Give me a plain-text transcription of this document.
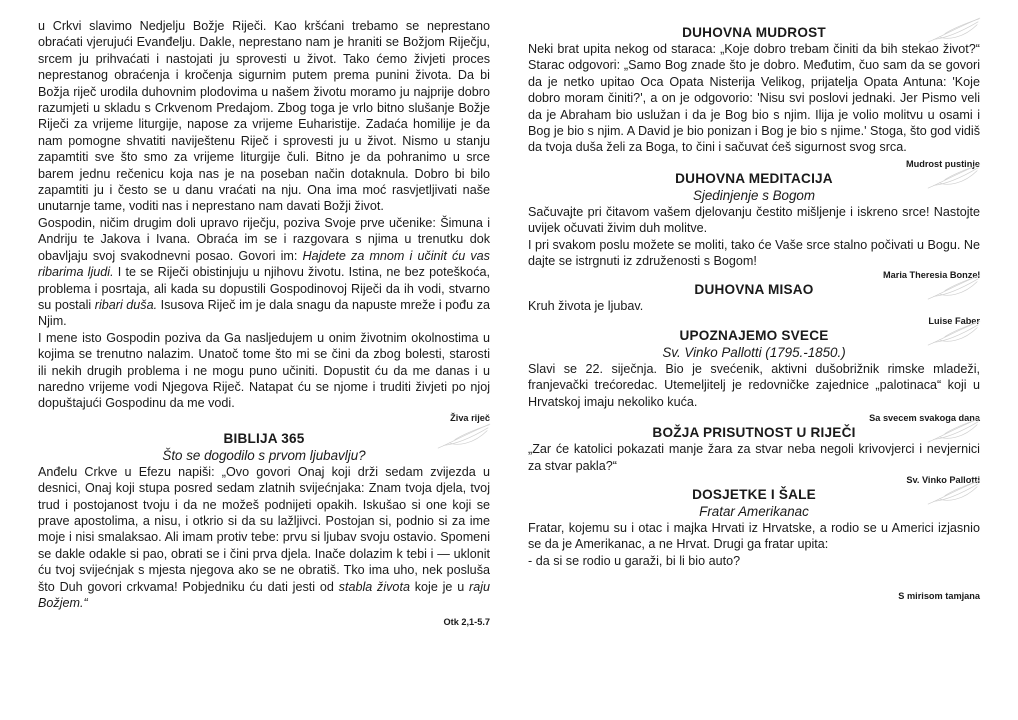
u Crkvi slavimo Nedjelju Božje Riječi. Kao kršćani trebamo se neprestano obraćati vjerujući Evanđelju. Dakle, neprestano nam je hraniti se Božjom Riječju, srcem ju prihvaćati i nastojati ju sprovesti u život. Tako ćemo živjeti proces neprestanog obraćenja i kročenja sigurnim putem prema punini života. Da bi Božja riječ urodila duhovnim plodovima u našem životu moramo ju najprije dobro razumjeti u skladu s Crkvenom Predajom. Zbog toga je vrlo bitno slušanje Božje Riječi za vrijeme liturgije, napose za vrijeme Euharistije. Zadaća homilije je da nam pomogne shvatiti naviještenu Riječ i sprovesti ju u život. Nismo u stanju zapamtiti sve što smo za vrijeme liturgije čuli. Bitno je da pohranimo u srce barem jednu rečenicu koja nas je na poseban način dotaknula. Dobro bi bilo zapamtiti ju i često se u danu vraćati na nju. Ona ima moć rasvjetljivati naše unutarnje tame, voditi nas i neprestano nam davati Božji život.

Gospodin, ničim drugim doli upravo riječju, poziva Svoje prve učenike: Šimuna i Andriju te Jakova i Ivana. Obraća im se i razgovara s njima u trenutku dok obavljaju svoj svakodnevni posao. Govori im: Hajdete za mnom i učinit ću vas ribarima ljudi. I te se Riječi obistinjuju u njihovu životu. Istina, ne bez poteškoća, problema i posrtaja, ali kada su dopustili Gospodinovoj Riječi da ih vodi, stvarno su postali ribari duša. Isusova Riječ im je dala snagu da napuste mreže i pođu za Njim.

I mene isto Gospodin poziva da Ga nasljedujem u onim životnim okolnostima u kojima se trenutno nalazim. Unatoč tome što mi se čini da zbog bolesti, starosti ili nekih drugih problema i ne mogu puno učiniti. Dopustit ću da me danas i u naredno vrijeme vodi Njegova Riječ. Natapat ću se njome i truditi živjeti po njoj dopuštajući Gospodinu da me vodi.

Živa riječ
BIBLIJA 365
Što se dogodilo s prvom ljubavlju?

Anđelu Crkve u Efezu napiši: „Ovo govori Onaj koji drži sedam zvijezda u desnici, Onaj koji stupa posred sedam zlatnih svijećnjaka: Znam tvoja djela, tvoj trud i postojanost tvoju i da ne možeš podnijeti opakih. Iskušao si one koji se prave apostolima, a nisu, i otkrio si da su lažljivci. Postojan si, podnio si za ime moje i nisi smalaksao. Ali imam protiv tebe: prvu si ljubav svoju ostavio. Spomeni se dakle odakle si pao, obrati se i čini prva djela. Inače dolazim k tebi i — uklonit ću tvoj svijećnjak s mjesta njegova ako se ne obratiš. Tko ima uho, nek posluša što Duh govori crkvama! Pobjedniku ću dati jesti od stabla života koje je u raju Božjem.“

Otk 2,1-5.7
DUHOVNA MUDROST

Neki brat upita nekog od staraca: „Koje dobro trebam činiti da bih stekao život?“ Starac odgovori: „Samo Bog znade što je dobro. Međutim, čuo sam da se govori da je netko upitao Oca Opata Nisterija Velikog, prijatelja Opata Antuna: 'Koje dobro moram činiti?', a on je odgovorio: 'Nisu svi poslovi jednaki. Jer Pismo veli da je Abraham bio uslužan i da je Bog bio s njim. Ilija je volio molitvu u osami i Bog je bio s njim. A David je bio ponizan i Bog je bio s njime.' Stoga, što god vidiš da tvoja duša želi za Boga, to čini i sačuvat ćeš sigurnost svog srca.

Mudrost pustinje
DUHOVNA MEDITACIJA
Sjedinjenje s Bogom

Sačuvajte pri čitavom vašem djelovanju čestito mišljenje i iskreno srce! Nastojte uvijek očuvati živim duh molitve.

I pri svakom poslu možete se moliti, tako će Vaše srce stalno počivati u Bogu. Ne dajte se istrgnuti iz združenosti s Bogom!

Maria Theresia Bonzel
DUHOVNA MISAO

Kruh života je ljubav.

Luise Faber
UPOZNAJEMO SVECE
Sv. Vinko Pallotti (1795.-1850.)

Slavi se 22. siječnja. Bio je svećenik, aktivni dušobrižnik rimske mladeži, franjevački trećoredac. Utemeljitelj je redovničke zajednice „palotinaca“ koji u Hrvatskoj imaju nekoliko kuća.

Sa svecem svakoga dana
BOŽJA PRISUTNOST U RIJEČI

„Zar će katolici pokazati manje žara za stvar neba negoli krivovjerci i nevjernici za stvar pakla?“

Sv. Vinko Pallotti
DOSJETKE I ŠALE
Fratar Amerikanac

Fratar, kojemu su i otac i majka Hrvati iz Hrvatske, a rodio se u Americi izjasnio se da je Amerikanac, a ne Hrvat. Drugi ga fratar upita:

- da si se rodio u garaži, bi li bio auto?

S mirisom tamjana
